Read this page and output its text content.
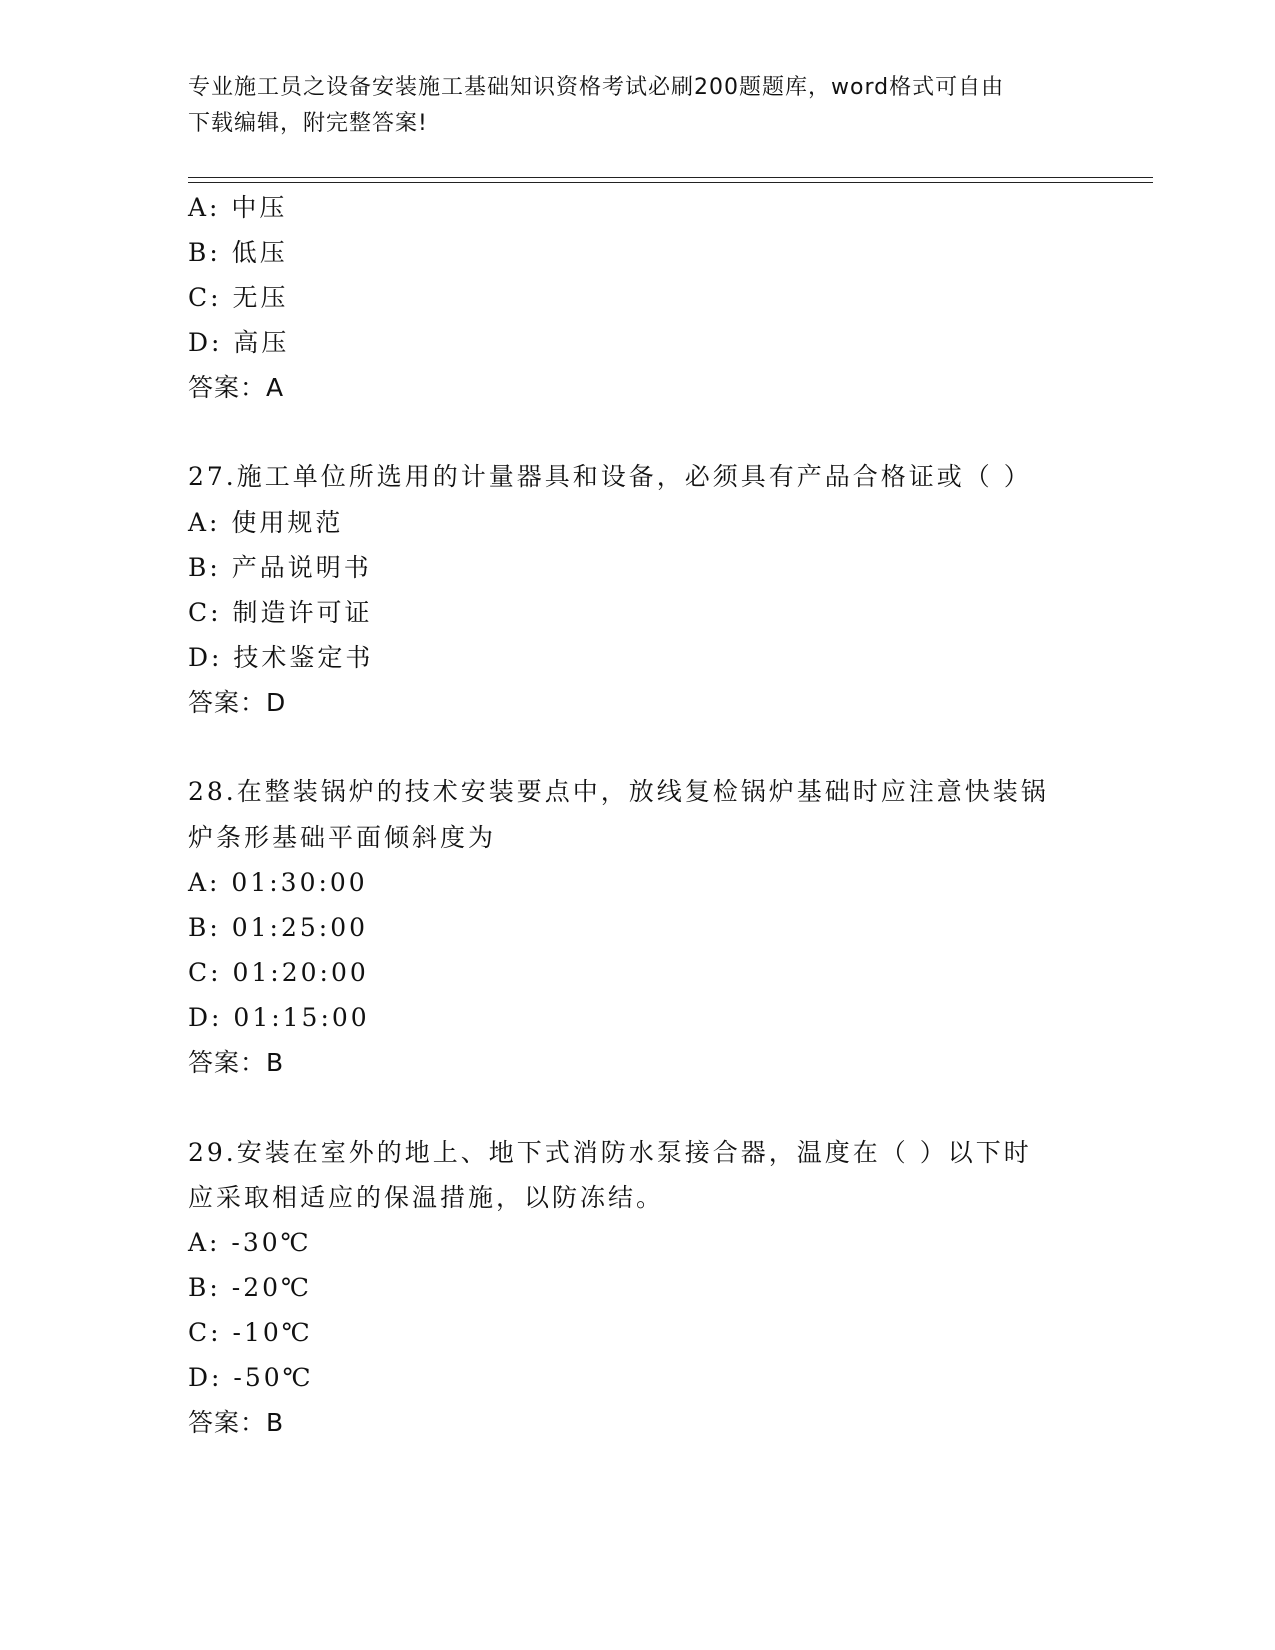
专业施工员之设备安装施工基础知识资格考试必刷200题题库，word格式可自由
下载编辑，附完整答案!
A: 中压
B: 低压
C: 无压
D: 高压
答案：A
27.施工单位所选用的计量器具和设备，必须具有产品合格证或（ ）
A: 使用规范
B: 产品说明书
C: 制造许可证
D: 技术鉴定书
答案：D
28.在整装锅炉的技术安装要点中，放线复检锅炉基础时应注意快装锅
炉条形基础平面倾斜度为
A: 01:30:00
B: 01:25:00
C: 01:20:00
D: 01:15:00
答案：B
29.安装在室外的地上、地下式消防水泵接合器，温度在（ ）以下时
应采取相适应的保温措施，以防冻结。
A: -30℃
B: -20℃
C: -10℃
D: -50℃
答案：B
